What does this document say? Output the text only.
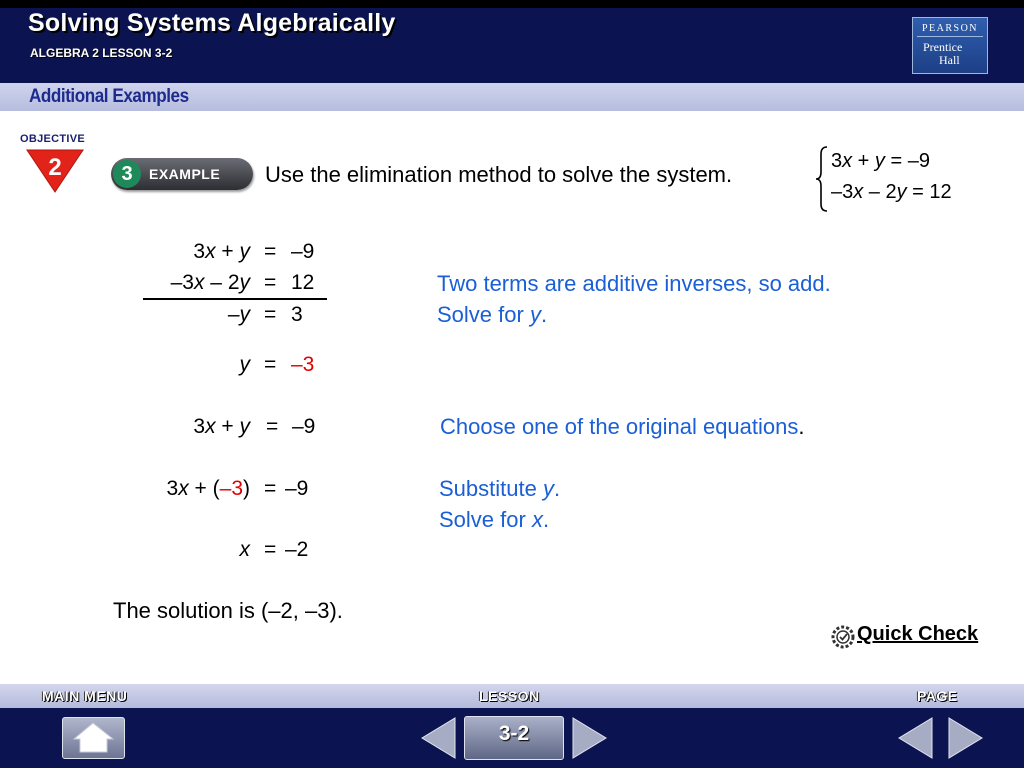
Solving Systems Algebraically
ALGEBRA 2 LESSON 3-2
PEARSON
Prentice
Hall
Additional Examples
OBJECTIVE
2	3	EXAMPLE Use the elimination method to solve the system.
3x + y = –9
–3x – 2y = 12
3x + y = –9
–3x – 2y = 12
–y = 3
y = –3
3x + y = –9
3x + (–3) = –9
x = –2
Two terms are additive inverses, so add.
Solve for y.
Choose one of the original equations.
Substitute y.
Solve for x.
The solution is (–2, –3).
Quick Check
MAIN MENU	LESSON	PAGE
3-2
